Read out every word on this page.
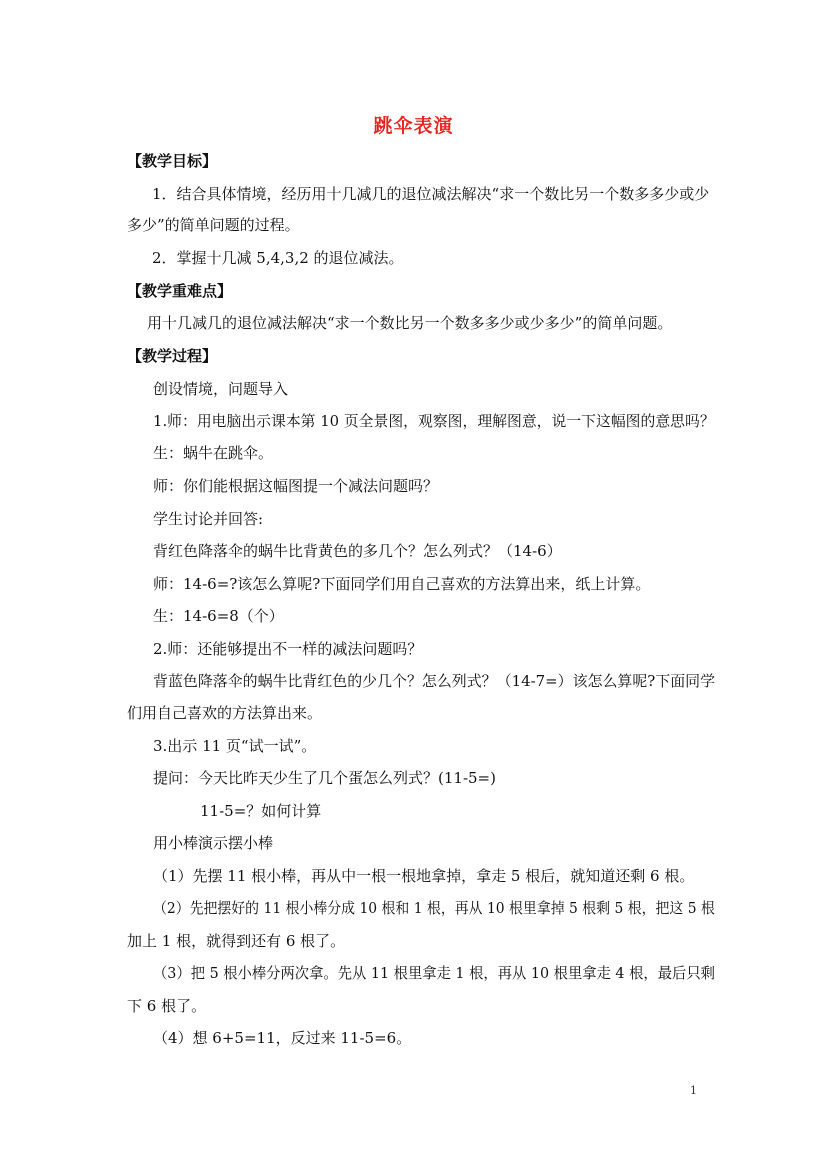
跳伞表演
【教学目标】
1．结合具体情境，经历用十几减几的退位减法解决“求一个数比另一个数多多少或少
多少”的简单问题的过程。
2．掌握十几减 5,4,3,2 的退位减法。
【教学重难点】
用十几减几的退位减法解决“求一个数比另一个数多多少或少多少”的简单问题。
【教学过程】
创设情境，问题导入
1.师：用电脑出示课本第 10 页全景图，观察图，理解图意，说一下这幅图的意思吗？
生：蜗牛在跳伞。
师：你们能根据这幅图提一个减法问题吗？
学生讨论并回答:
背红色降落伞的蜗牛比背黄色的多几个？怎么列式？（14-6）
师：14-6=?该怎么算呢?下面同学们用自己喜欢的方法算出来，纸上计算。
生：14-6=8（个）
2.师：还能够提出不一样的减法问题吗？
背蓝色降落伞的蜗牛比背红色的少几个？怎么列式？（14-7=）该怎么算呢?下面同学
们用自己喜欢的方法算出来。
3.出示 11 页“试一试”。
提问：今天比昨天少生了几个蛋怎么列式？(11-5=)
11-5=？如何计算
用小棒演示摆小棒
（1）先摆 11 根小棒，再从中一根一根地拿掉，拿走 5 根后，就知道还剩 6 根。
（2）先把摆好的 11 根小棒分成 10 根和 1 根，再从 10 根里拿掉 5 根剩 5 根，把这 5 根
加上 1 根，就得到还有 6 根了。
（3）把 5 根小棒分两次拿。先从 11 根里拿走 1 根，再从 10 根里拿走 4 根，最后只剩
下 6 根了。
（4）想 6+5=11，反过来 11-5=6。
1
